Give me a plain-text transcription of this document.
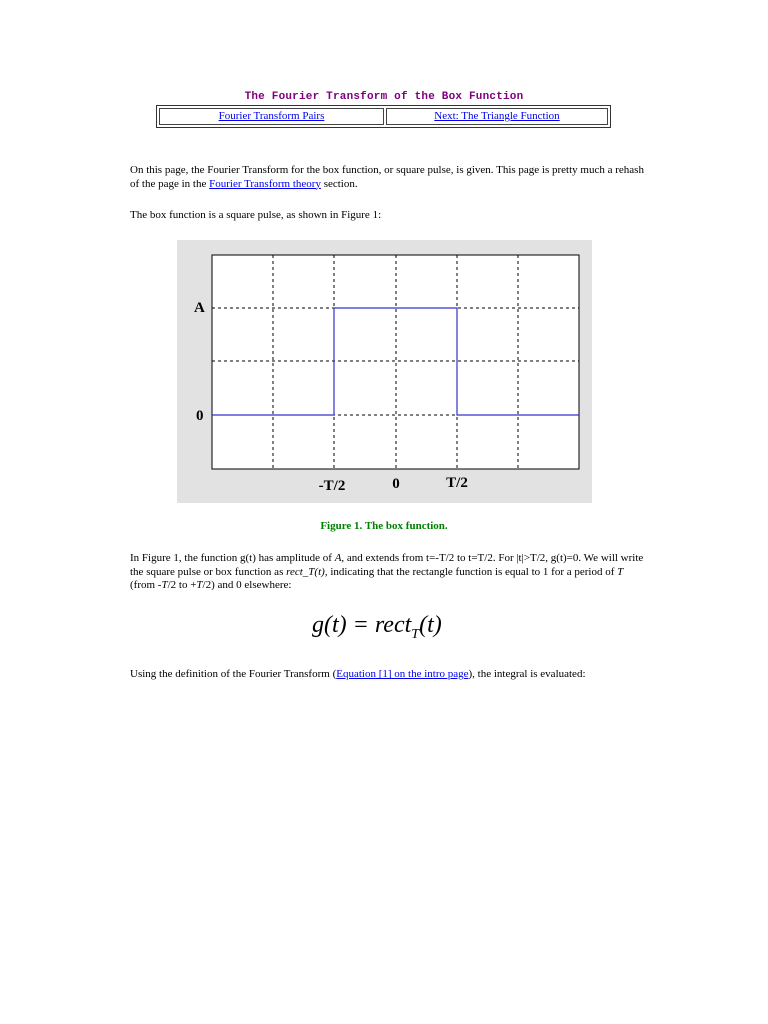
The Fourier Transform of the Box Function
Fourier Transform Pairs	Next: The Triangle Function

On this page, the Fourier Transform for the box function, or square pulse, is given. This page is pretty much a rehash of the page in the Fourier Transform theory section.

The box function is a square pulse, as shown in Figure 1:

A
0
-T/2	0	T/2
Figure 1. The box function.

In Figure 1, the function g(t) has amplitude of A, and extends from t=-T/2 to t=T/2. For |t|>T/2, g(t)=0. We will write the square pulse or box function as rect_T(t), indicating that the rectangle function is equal to 1 for a period of T (from -T/2 to +T/2) and 0 elsewhere:

g(t) = rect$_T$(t)

Using the definition of the Fourier Transform (Equation [1] on the intro page), the integral is evaluated:
